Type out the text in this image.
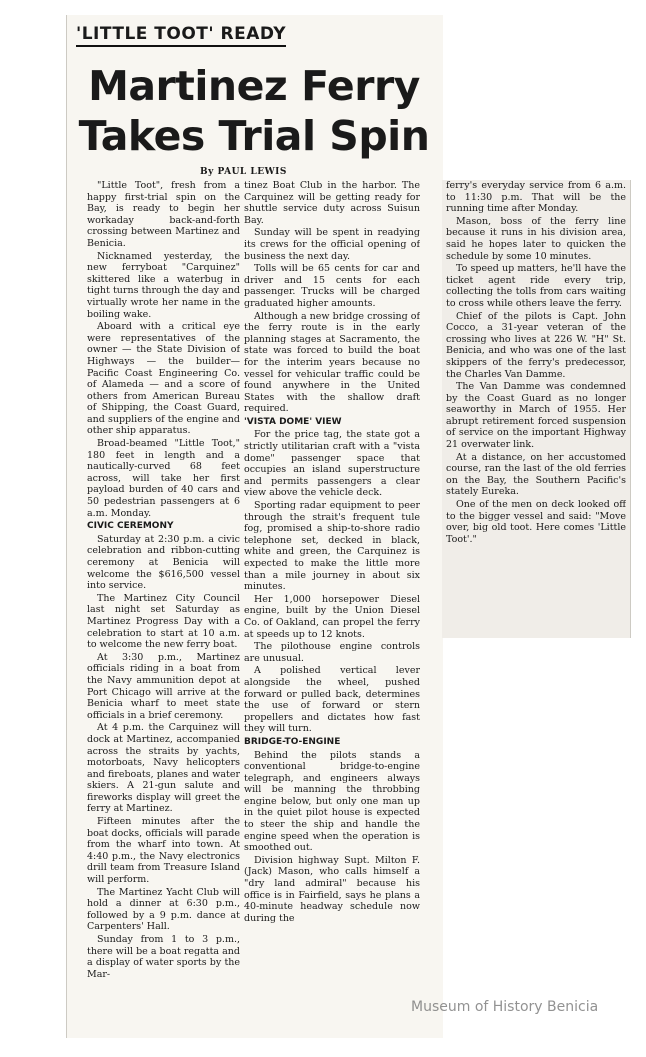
'LITTLE TOOT' READY
Martinez Ferry
Takes Trial Spin
By PAUL LEWIS

"Little Toot", fresh from a happy first-trial spin on the Bay, is ready to begin her workaday back-and-forth crossing between Martinez and Benicia.

Nicknamed yesterday, the new ferryboat "Carquinez" skittered like a waterbug in tight turns through the day and virtually wrote her name in the boiling wake.

Aboard with a critical eye were representatives of the owner — the State Division of Highways — the builder—Pacific Coast Engineering Co. of Alameda — and a score of others from American Bureau of Shipping, the Coast Guard, and suppliers of the engine and other ship apparatus.

Broad-beamed "Little Toot," 180 feet in length and a nautically-curved 68 feet across, will take her first payload burden of 40 cars and 50 pedestrian passengers at 6 a.m. Monday.

CIVIC CEREMONY

Saturday at 2:30 p.m. a civic celebration and ribbon-cutting ceremony at Benicia will welcome the $616,500 vessel into service.

The Martinez City Council last night set Saturday as Martinez Progress Day with a celebration to start at 10 a.m. to welcome the new ferry boat.

At 3:30 p.m., Martinez officials riding in a boat from the Navy ammunition depot at Port Chicago will arrive at the Benicia wharf to meet state officials in a brief ceremony.

At 4 p.m. the Carquinez will dock at Martinez, accompanied across the straits by yachts, motorboats, Navy helicopters and fireboats, planes and water skiers. A 21-gun salute and fireworks display will greet the ferry at Martinez.

Fifteen minutes after the boat docks, officials will parade from the wharf into town. At 4:40 p.m., the Navy electronics drill team from Treasure Island will perform.

The Martinez Yacht Club will hold a dinner at 6:30 p.m., followed by a 9 p.m. dance at Carpenters' Hall.

Sunday from 1 to 3 p.m., there will be a boat regatta and a display of water sports by the Mar-

tinez Boat Club in the harbor. The Carquinez will be getting ready for shuttle service duty across Suisun Bay.

Sunday will be spent in readying its crews for the official opening of business the next day.

Tolls will be 65 cents for car and driver and 15 cents for each passenger. Trucks will be charged graduated higher amounts.

Although a new bridge crossing of the ferry route is in the early planning stages at Sacramento, the state was forced to build the boat for the interim years because no vessel for vehicular traffic could be found anywhere in the United States with the shallow draft required.

'VISTA DOME' VIEW

For the price tag, the state got a strictly utilitarian craft with a "vista dome" passenger space that occupies an island superstructure and permits passengers a clear view above the vehicle deck.

Sporting radar equipment to peer through the strait's frequent tule fog, promised a ship-to-shore radio telephone set, decked in black, white and green, the Carquinez is expected to make the little more than a mile journey in about six minutes.

Her 1,000 horsepower Diesel engine, built by the Union Diesel Co. of Oakland, can propel the ferry at speeds up to 12 knots.

The pilothouse engine controls are unusual.

A polished vertical lever alongside the wheel, pushed forward or pulled back, determines the use of forward or stern propellers and dictates how fast they will turn.

BRIDGE-TO-ENGINE

Behind the pilots stands a conventional bridge-to-engine telegraph, and engineers always will be manning the throbbing engine below, but only one man up in the quiet pilot house is expected to steer the ship and handle the engine speed when the operation is smoothed out.

Division highway Supt. Milton F. (Jack) Mason, who calls himself a "dry land admiral" because his office is in Fairfield, says he plans a 40-minute headway schedule now during the

ferry's everyday service from 6 a.m. to 11:30 p.m. That will be the running time after Monday.

Mason, boss of the ferry line because it runs in his division area, said he hopes later to quicken the schedule by some 10 minutes.

To speed up matters, he'll have the ticket agent ride every trip, collecting the tolls from cars waiting to cross while others leave the ferry.

Chief of the pilots is Capt. John Cocco, a 31-year veteran of the crossing who lives at 226 W. "H" St. Benicia, and who was one of the last skippers of the ferry's predecessor, the Charles Van Damme.

The Van Damme was condemned by the Coast Guard as no longer seaworthy in March of 1955. Her abrupt retirement forced suspension of service on the important Highway 21 overwater link.

At a distance, on her accustomed course, ran the last of the old ferries on the Bay, the Southern Pacific's stately Eureka.

One of the men on deck looked off to the bigger vessel and said: "Move over, big old toot. Here comes 'Little Toot'."

Museum of History Benicia
